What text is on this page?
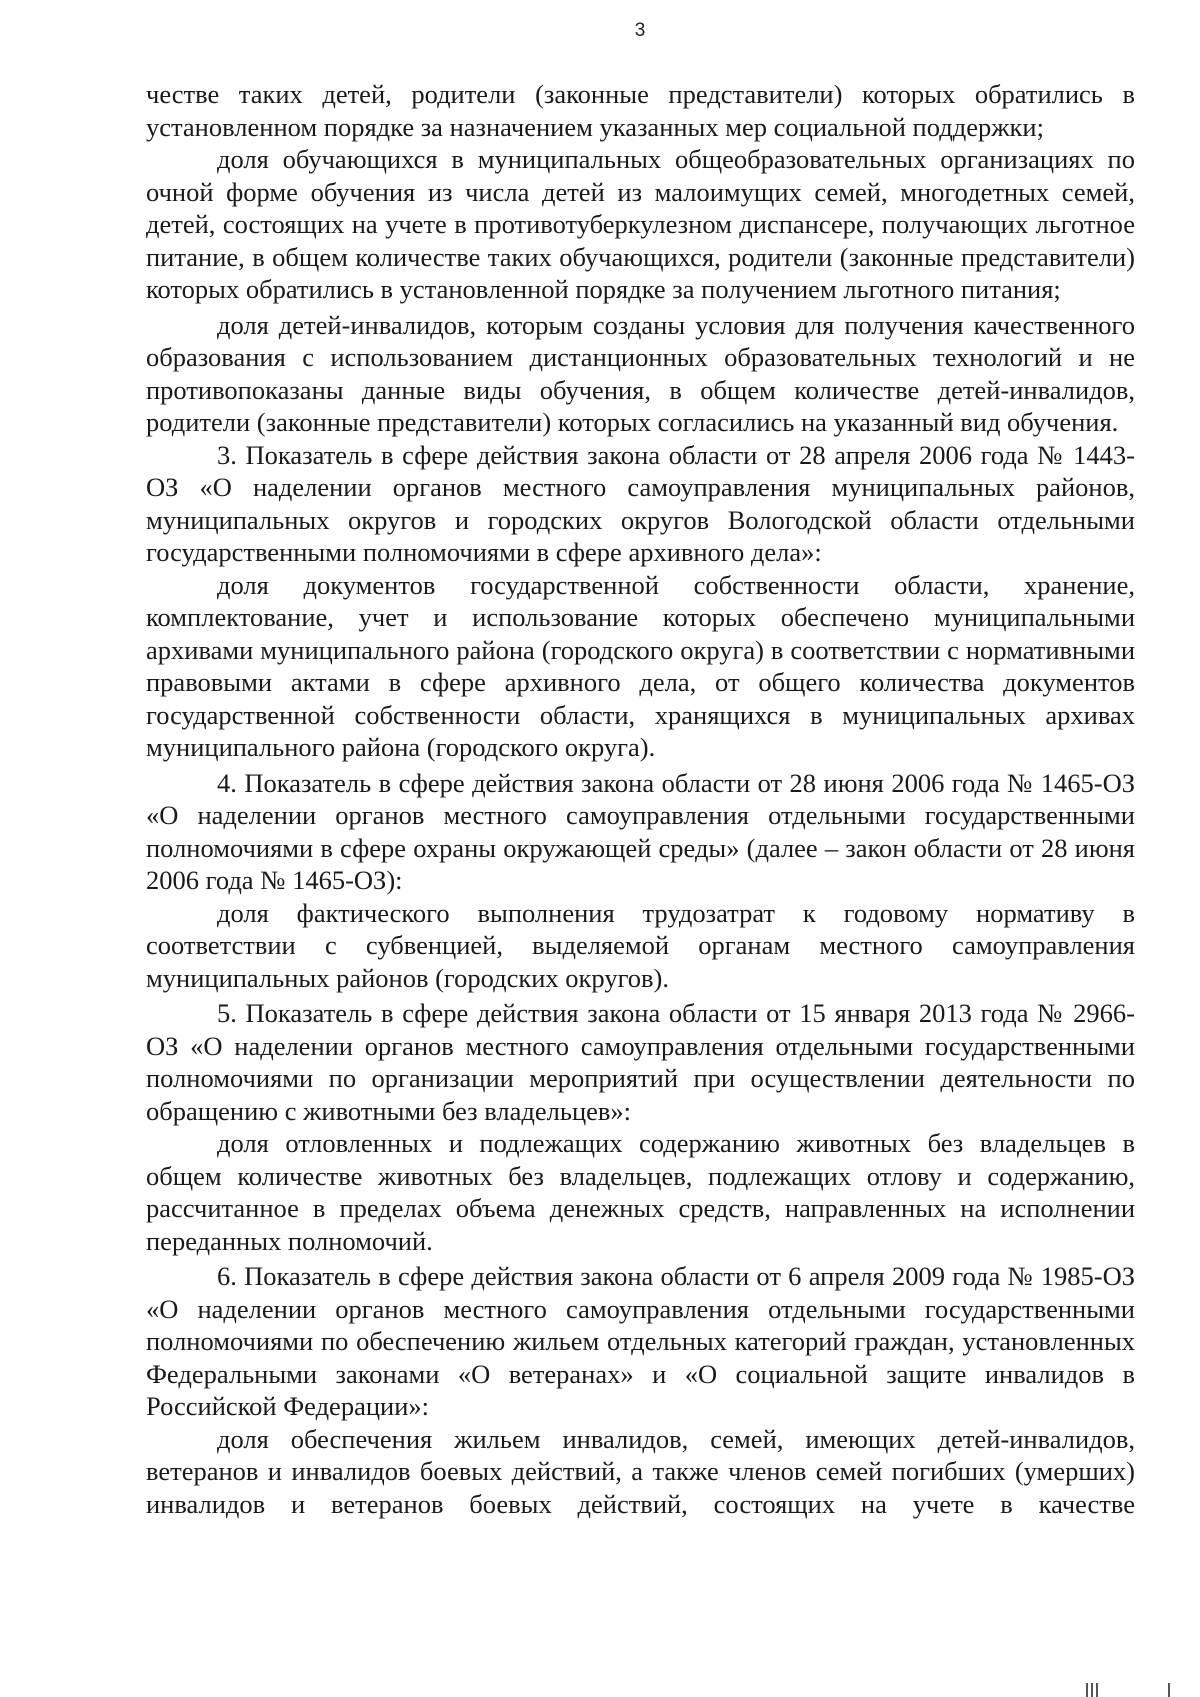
3

честве таких детей, родители (законные представители) которых обратились в установленном порядке за назначением указанных мер социальной поддержки;

доля обучающихся в муниципальных общеобразовательных организациях по очной форме обучения из числа детей из малоимущих семей, многодетных семей, детей, состоящих на учете в противотуберкулезном диспансере, получающих льготное питание, в общем количестве таких обучающихся, родители (законные представители) которых обратились в установленной порядке за получением льготного питания;

доля детей-инвалидов, которым созданы условия для получения качественного образования с использованием дистанционных образовательных технологий и не противопоказаны данные виды обучения, в общем количестве детей-инвалидов, родители (законные представители) которых согласились на указанный вид обучения.

3. Показатель в сфере действия закона области от 28 апреля 2006 года № 1443-ОЗ «О наделении органов местного самоуправления муниципальных районов, муниципальных округов и городских округов Вологодской области отдельными государственными полномочиями в сфере архивного дела»:

доля документов государственной собственности области, хранение, комплектование, учет и использование которых обеспечено муниципальными архивами муниципального района (городского округа) в соответствии с нормативными правовыми актами в сфере архивного дела, от общего количества документов государственной собственности области, хранящихся в муниципальных архивах муниципального района (городского округа).

4. Показатель в сфере действия закона области от 28 июня 2006 года № 1465-ОЗ «О наделении органов местного самоуправления отдельными государственными полномочиями в сфере охраны окружающей среды» (далее – закон области от 28 июня 2006 года № 1465-ОЗ):

доля фактического выполнения трудозатрат к годовому нормативу в соответствии с субвенцией, выделяемой органам местного самоуправления муниципальных районов (городских округов).

5. Показатель в сфере действия закона области от 15 января 2013 года № 2966-ОЗ «О наделении органов местного самоуправления отдельными государственными полномочиями по организации мероприятий при осуществлении деятельности по обращению с животными без владельцев»:

доля отловленных и подлежащих содержанию животных без владельцев в общем количестве животных без владельцев, подлежащих отлову и содержанию, рассчитанное в пределах объема денежных средств, направленных на исполнении переданных полномочий.

6. Показатель в сфере действия закона области от 6 апреля 2009 года № 1985-ОЗ «О наделении органов местного самоуправления отдельными государственными полномочиями по обеспечению жильем отдельных категорий граждан, установленных Федеральными законами «О ветеранах» и «О социальной защите инвалидов в Российской Федерации»:

доля обеспечения жильем инвалидов, семей, имеющих детей-инвалидов, ветеранов и инвалидов боевых действий, а также членов семей погибших (умерших) инвалидов и ветеранов боевых действий, состоящих на учете в качестве
